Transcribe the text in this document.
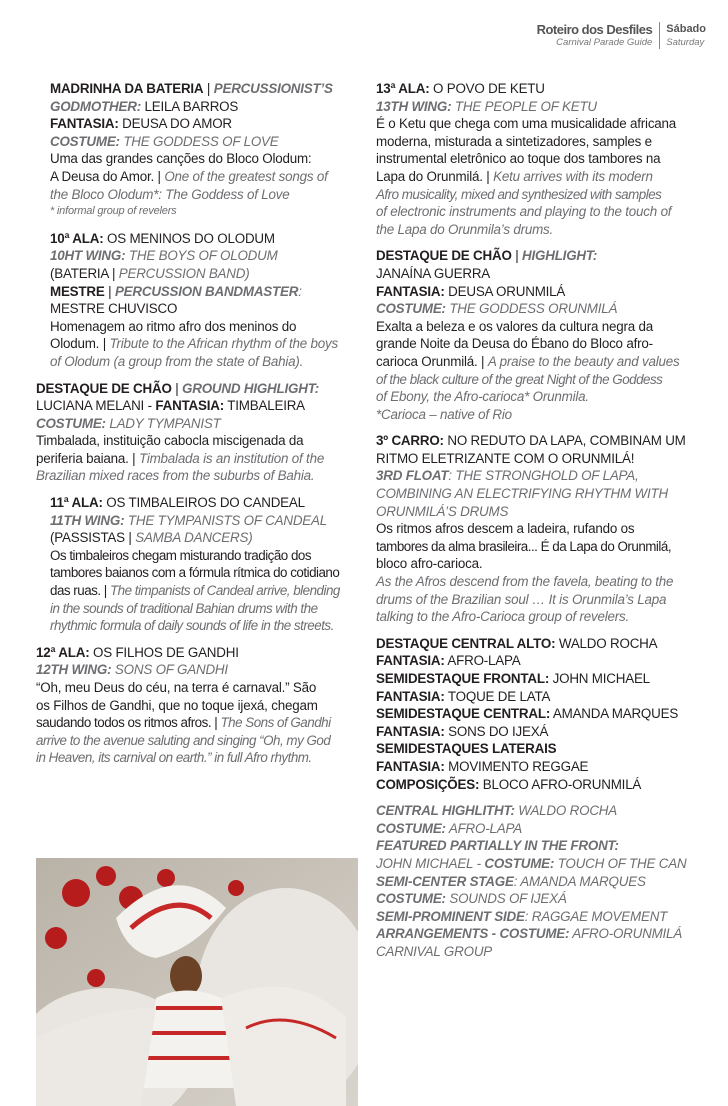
Roteiro dos Desfiles
Carnival Parade Guide
Sábado
Saturday
MADRINHA DA BATERIA | PERCUSSIONIST’S
GODMOTHER: LEILA BARROS
FANTASIA: DEUSA DO AMOR
COSTUME: THE GODDESS OF LOVE
Uma das grandes canções do Bloco Olodum:
A Deusa do Amor. | One of the greatest songs of
the Bloco Olodum*: The Goddess of Love
* informal group of revelers
10ª ALA: OS MENINOS DO OLODUM
10HT WING: THE BOYS OF OLODUM
(BATERIA | PERCUSSION BAND)
MESTRE | PERCUSSION BANDMASTER:
MESTRE CHUVISCO
Homenagem ao ritmo afro dos meninos do
Olodum. | Tribute to the African rhythm of the boys
of Olodum (a group from the state of Bahia).
DESTAQUE DE CHÃO | GROUND HIGHLIGHT:
LUCIANA MELANI - FANTASIA: TIMBALEIRA
COSTUME: LADY TYMPANIST
Timbalada, instituição cabocla miscigenada da
periferia baiana. | Timbalada is an institution of the
Brazilian mixed races from the suburbs of Bahia.
11ª ALA: OS TIMBALEIROS DO CANDEAL
11TH WING: THE TYMPANISTS OF CANDEAL
(PASSISTAS | SAMBA DANCERS)
Os timbaleiros chegam misturando tradição dos
tambores baianos com a fórmula rítmica do cotidiano
das ruas. | The timpanists of Candeal arrive, blending
in the sounds of traditional Bahian drums with the
rhythmic formula of daily sounds of life in the streets.
12ª ALA: OS FILHOS DE GANDHI
12TH WING: SONS OF GANDHI
“Oh, meu Deus do céu, na terra é carnaval.” São
os Filhos de Gandhi, que no toque ijexá, chegam
saudando todos os ritmos afros. | The Sons of Gandhi
arrive to the avenue saluting and singing “Oh, my God
in Heaven, its carnival on earth.” in full Afro rhythm.
13ª ALA: O POVO DE KETU
13TH WING: THE PEOPLE OF KETU
É o Ketu que chega com uma musicalidade africana
moderna, misturada a sintetizadores, samples e
instrumental eletrônico ao toque dos tambores na
Lapa do Orunmilá. | Ketu arrives with its modern
Afro musicality, mixed and synthesized with samples
of electronic instruments and playing to the touch of
the Lapa do Orunmila’s drums.
DESTAQUE DE CHÃO | HIGHLIGHT:
JANAÍNA GUERRA
FANTASIA: DEUSA ORUNMILÁ
COSTUME: THE GODDESS ORUNMILÁ
Exalta a beleza e os valores da cultura negra da
grande Noite da Deusa do Ébano do Bloco afro-
carioca Orunmilá. | A praise to the beauty and values
of the black culture of the great Night of the Goddess
of Ebony, the Afro-carioca* Orunmila.
*Carioca – native of Rio
3º CARRO: NO REDUTO DA LAPA, COMBINAM UM
RITMO ELETRIZANTE COM O ORUNMILÁ!
3RD FLOAT: THE STRONGHOLD OF LAPA,
COMBINING AN ELECTRIFYING RHYTHM WITH
ORUNMILÁ’S DRUMS
Os ritmos afros descem a ladeira, rufando os
tambores da alma brasileira... É da Lapa do Orunmilá,
bloco afro-carioca.
As the Afros descend from the favela, beating to the
drums of the Brazilian soul … It is Orunmila’s Lapa
talking to the Afro-Carioca group of revelers.
DESTAQUE CENTRAL ALTO: WALDO ROCHA
FANTASIA: AFRO-LAPA
SEMIDESTAQUE FRONTAL: JOHN MICHAEL
FANTASIA: TOQUE DE LATA
SEMIDESTAQUE CENTRAL: AMANDA MARQUES
FANTASIA: SONS DO IJEXÁ
SEMIDESTAQUES LATERAIS
FANTASIA: MOVIMENTO REGGAE
COMPOSIÇÕES: BLOCO AFRO-ORUNMILÁ
CENTRAL HIGHLITHT: WALDO ROCHA
COSTUME: AFRO-LAPA
FEATURED PARTIALLY IN THE FRONT:
JOHN MICHAEL - COSTUME: TOUCH OF THE CAN
SEMI-CENTER STAGE: AMANDA MARQUES
COSTUME: SOUNDS OF IJEXÁ
SEMI-PROMINENT SIDE: RAGGAE MOVEMENT
ARRANGEMENTS - COSTUME: AFRO-ORUNMILÁ
CARNIVAL GROUP
